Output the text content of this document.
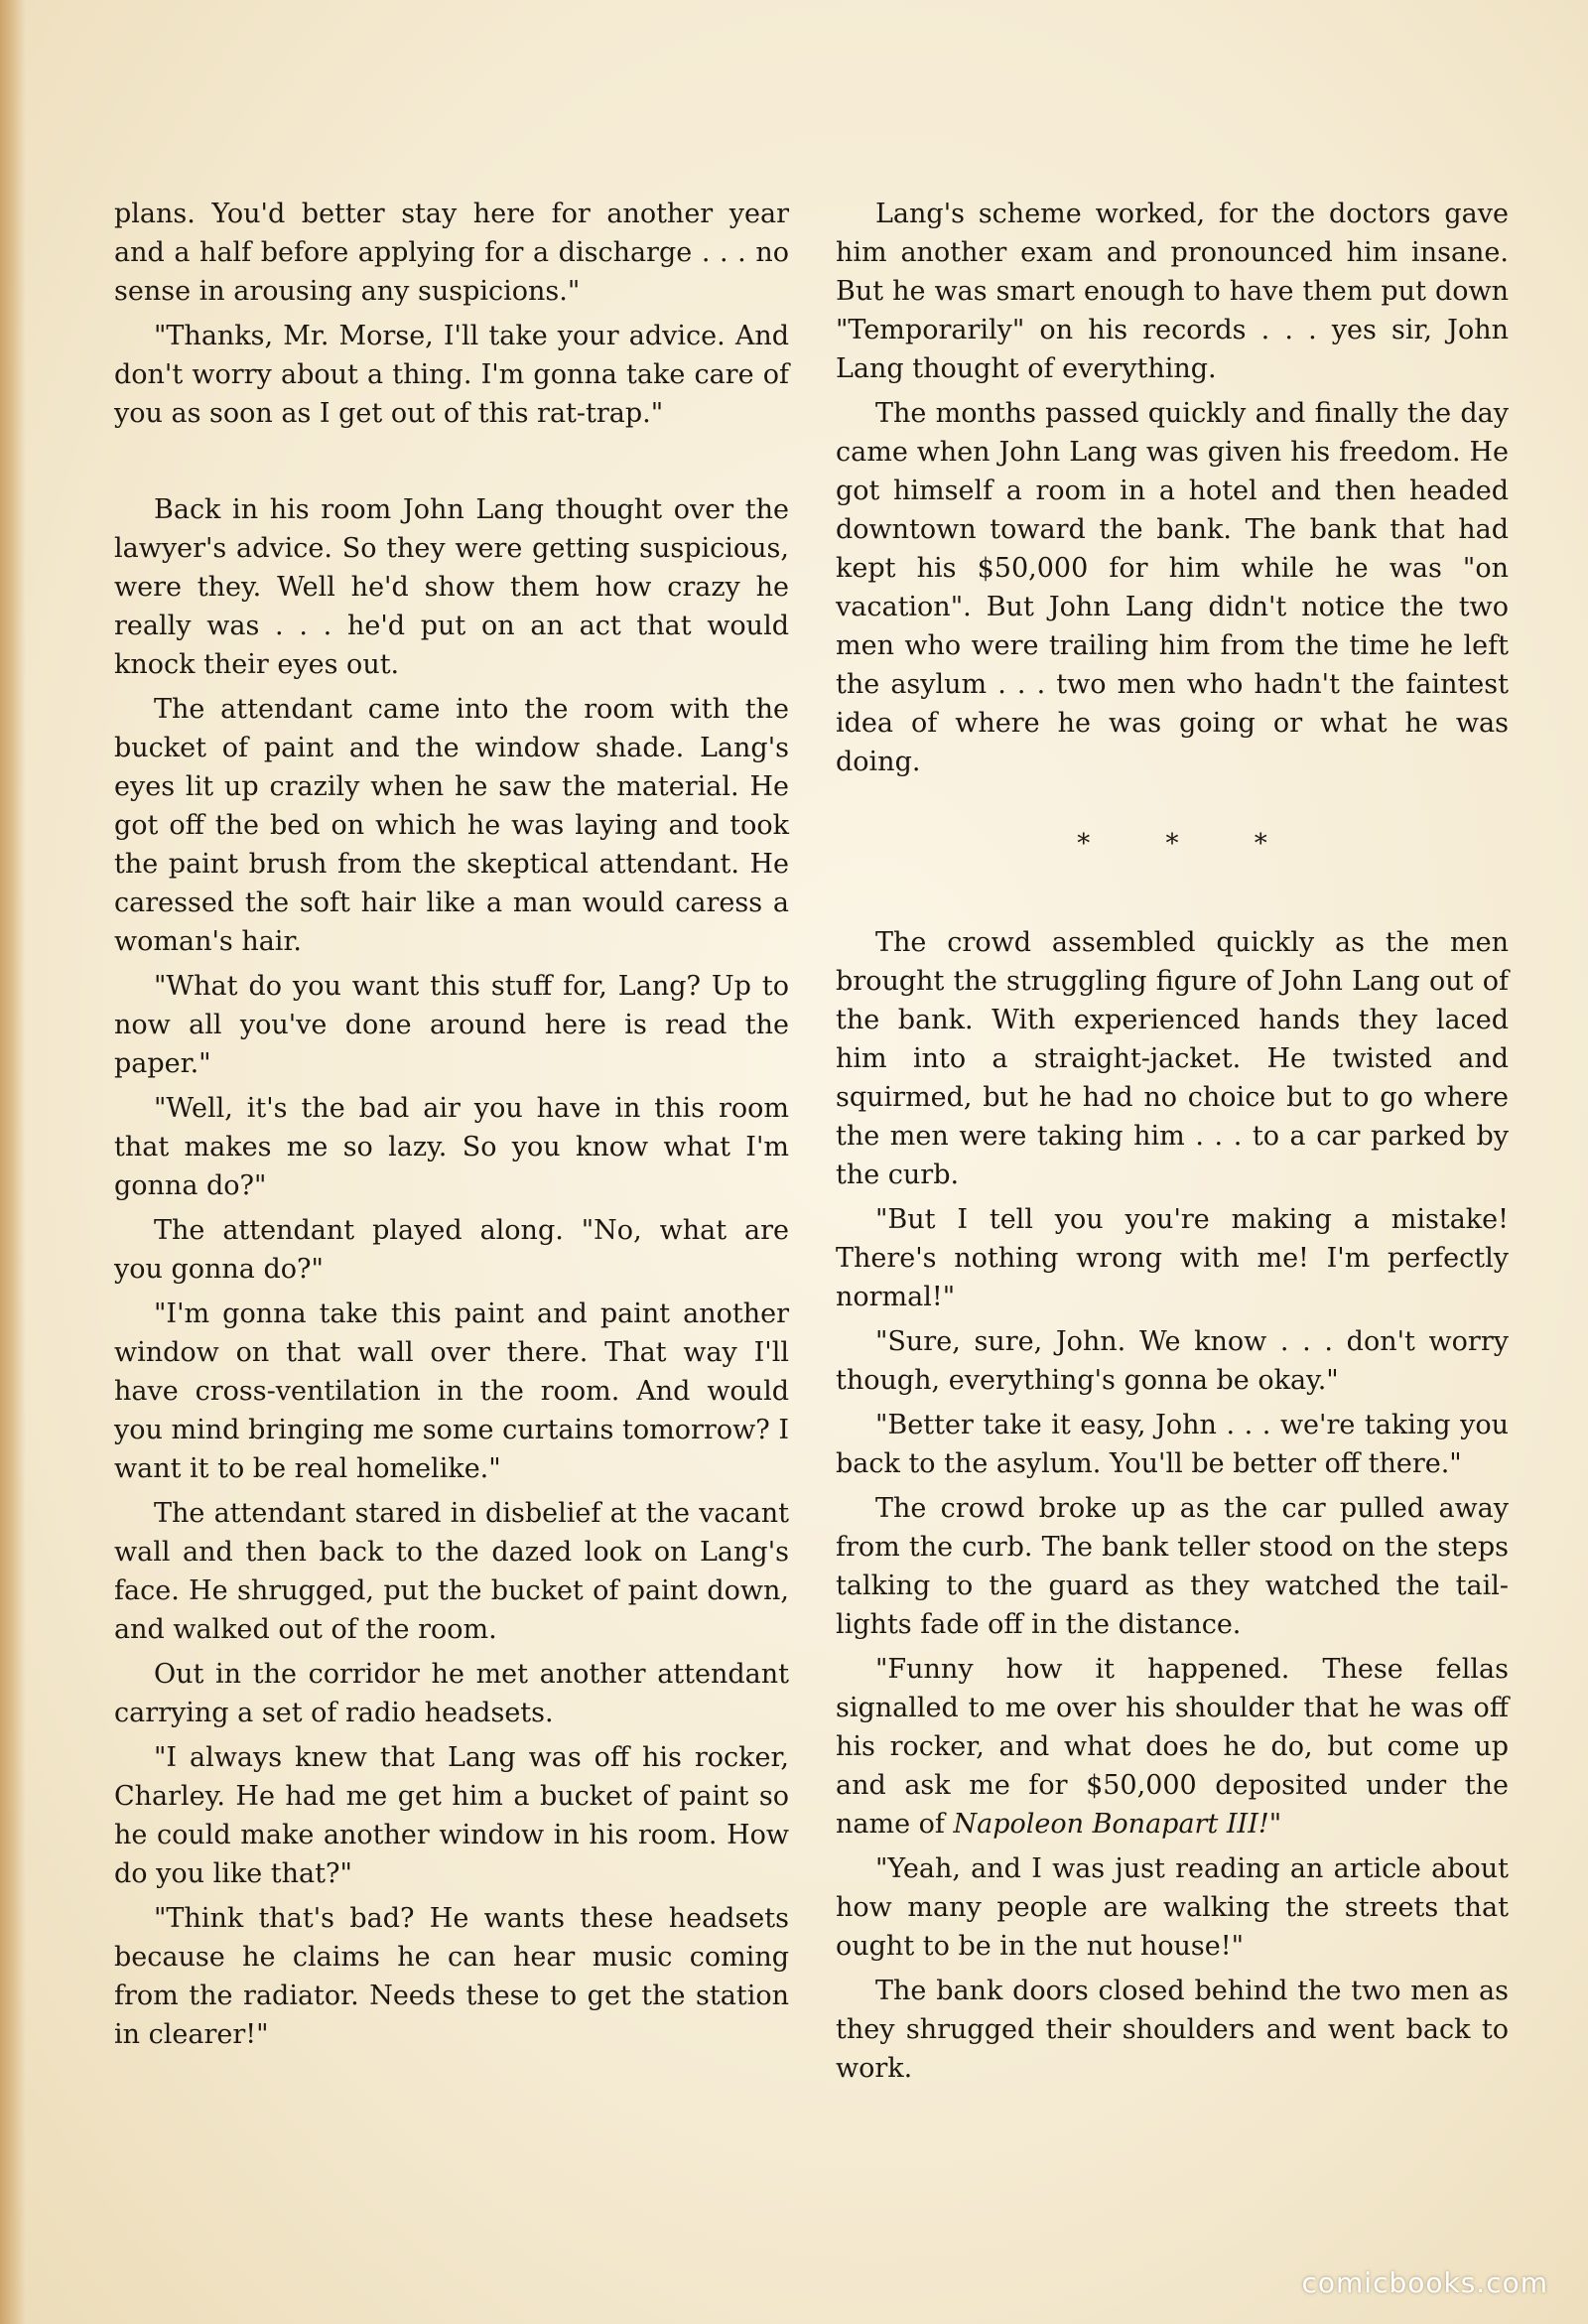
plans. You'd better stay here for another year and a half before applying for a discharge . . . no sense in arousing any suspicions."

"Thanks, Mr. Morse, I'll take your advice. And don't worry about a thing. I'm gonna take care of you as soon as I get out of this rat-trap."

Back in his room John Lang thought over the lawyer's advice. So they were getting suspicious, were they. Well he'd show them how crazy he really was . . . he'd put on an act that would knock their eyes out.

The attendant came into the room with the bucket of paint and the window shade. Lang's eyes lit up crazily when he saw the material. He got off the bed on which he was laying and took the paint brush from the skeptical attendant. He caressed the soft hair like a man would caress a woman's hair.

"What do you want this stuff for, Lang? Up to now all you've done around here is read the paper."

"Well, it's the bad air you have in this room that makes me so lazy. So you know what I'm gonna do?"

The attendant played along. "No, what are you gonna do?"

"I'm gonna take this paint and paint another window on that wall over there. That way I'll have cross-ventilation in the room. And would you mind bringing me some curtains tomorrow? I want it to be real homelike."

The attendant stared in disbelief at the vacant wall and then back to the dazed look on Lang's face. He shrugged, put the bucket of paint down, and walked out of the room.

Out in the corridor he met another attendant carrying a set of radio headsets.

"I always knew that Lang was off his rocker, Charley. He had me get him a bucket of paint so he could make another window in his room. How do you like that?"

"Think that's bad? He wants these headsets because he claims he can hear music coming from the radiator. Needs these to get the station in clearer!"

Lang's scheme worked, for the doctors gave him another exam and pronounced him insane. But he was smart enough to have them put down "Temporarily" on his records . . . yes sir, John Lang thought of everything.

The months passed quickly and finally the day came when John Lang was given his freedom. He got himself a room in a hotel and then headed downtown toward the bank. The bank that had kept his $50,000 for him while he was "on vacation". But John Lang didn't notice the two men who were trailing him from the time he left the asylum . . . two men who hadn't the faintest idea of where he was going or what he was doing.

* * *

The crowd assembled quickly as the men brought the struggling figure of John Lang out of the bank. With experienced hands they laced him into a straight-jacket. He twisted and squirmed, but he had no choice but to go where the men were taking him . . . to a car parked by the curb.

"But I tell you you're making a mistake! There's nothing wrong with me! I'm perfectly normal!"

"Sure, sure, John. We know . . . don't worry though, everything's gonna be okay."

"Better take it easy, John . . . we're taking you back to the asylum. You'll be better off there."

The crowd broke up as the car pulled away from the curb. The bank teller stood on the steps talking to the guard as they watched the tail-lights fade off in the distance.

"Funny how it happened. These fellas signalled to me over his shoulder that he was off his rocker, and what does he do, but come up and ask me for $50,000 deposited under the name of Napoleon Bonapart III!"

"Yeah, and I was just reading an article about how many people are walking the streets that ought to be in the nut house!"

The bank doors closed behind the two men as they shrugged their shoulders and went back to work.

comicbooks.com
